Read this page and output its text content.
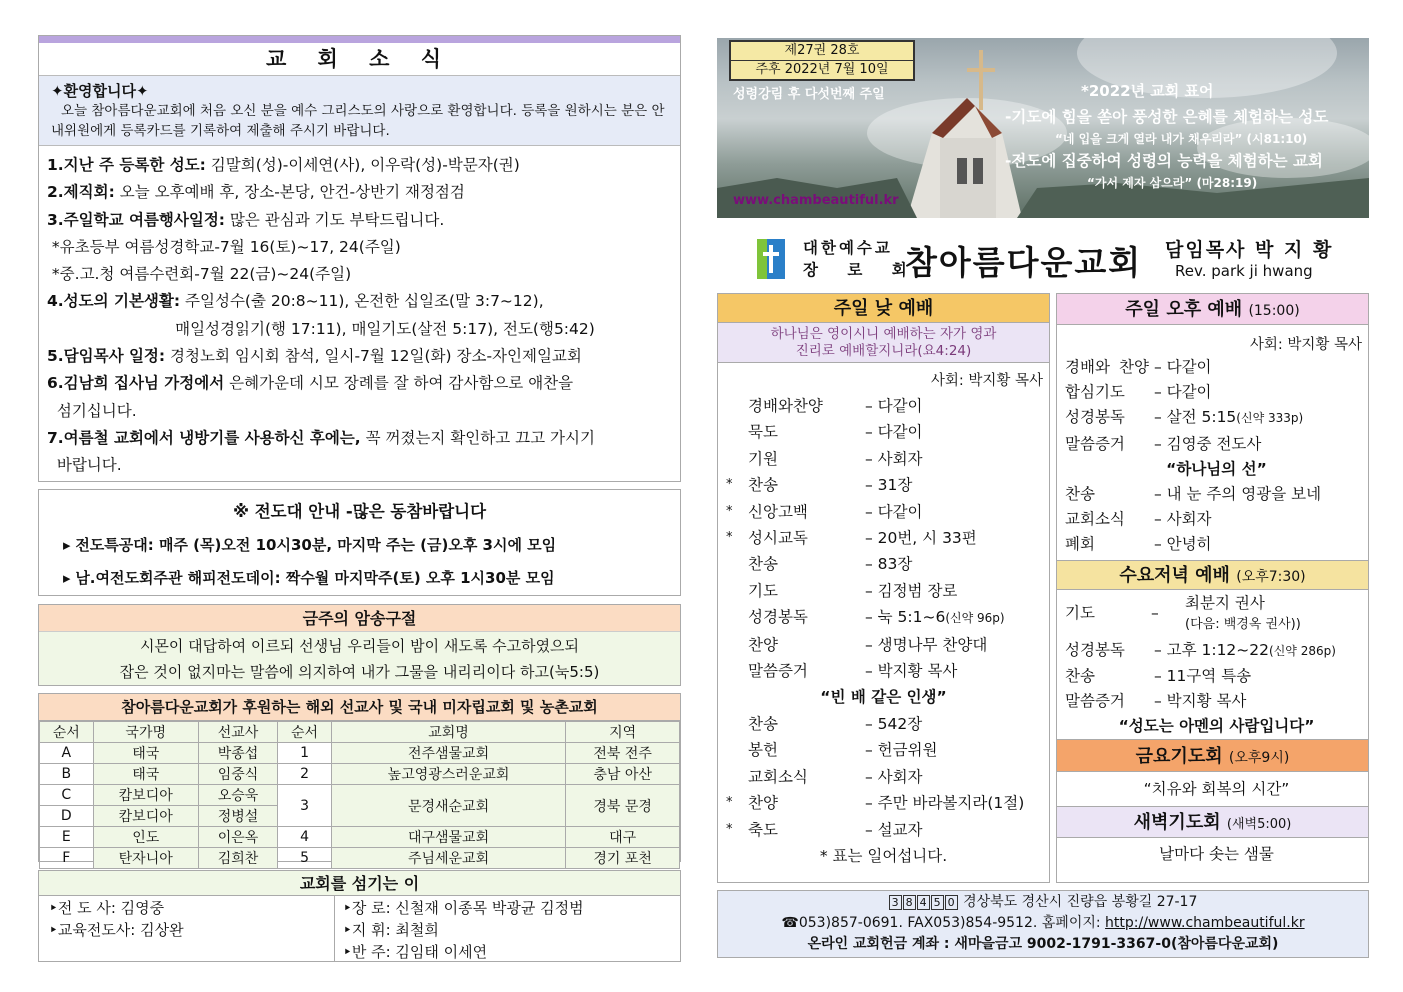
교 회 소 식
✦환영합니다✦
오늘 참아름다운교회에 처음 오신 분을 예수 그리스도의 사랑으로 환영합니다. 등록을 원하시는 분은 안내위원에게 등록카드를 기록하여 제출해 주시기 바랍니다.
1.지난 주 등록한 성도: 김말희(성)-이세연(사), 이우락(성)-박문자(권)
2.제직회: 오늘 오후예배 후, 장소-본당, 안건-상반기 재정점검
3.주일학교 여름행사일정: 많은 관심과 기도 부탁드립니다.
*유초등부 여름성경학교-7월 16(토)~17, 24(주일)
*중.고.청 여름수련회-7월 22(금)~24(주일)
4.성도의 기본생활: 주일성수(출 20:8~11), 온전한 십일조(말 3:7~12),
매일성경읽기(행 17:11), 매일기도(살전 5:17), 전도(행5:42)
5.담임목사 일정: 경청노회 임시회 참석, 일시-7월 12일(화) 장소-자인제일교회
6.김남희 집사님 가정에서 은혜가운데 시모 장례를 잘 하여 감사함으로 애찬을
섬기십니다.
7.여름철 교회에서 냉방기를 사용하신 후에는, 꼭 꺼졌는지 확인하고 끄고 가시기
바랍니다.
※ 전도대 안내 -많은 동참바랍니다
▸ 전도특공대: 매주 (목)오전 10시30분, 마지막 주는 (금)오후 3시에 모임
▸ 남.여전도회주관 해피전도데이: 짝수월 마지막주(토) 오후 1시30분 모임
금주의 암송구절
시몬이 대답하여 이르되 선생님 우리들이 밤이 새도록 수고하였으되
잡은 것이 없지마는 말씀에 의지하여 내가 그물을 내리리이다 하고(눅5:5)
참아름다운교회가 후원하는 해외 선교사 및 국내 미자립교회 및 농촌교회
순서	국가명	선교사	순서	교회명	지역
A	태국	박종섭	1	전주샘물교회	전북 전주
B	태국	임중식	2	높고영광스러운교회	충남 아산
C	캄보디아	오승욱	3	문경새순교회	경북 문경
D	캄보디아	정병설			
E	인도	이은옥	4	대구샘물교회	대구
F	탄자니아	김희찬	5	주님세운교회	경기 포천
교회를 섬기는 이
‣전 도 사: 김영중
‣교육전도사: 김상완
‣장 로: 신철재 이종목 박광균 김정범
‣지 휘: 최철희
‣반 주: 김임태 이세연
제27권 28호
주후 2022년 7월 10일
성령강림 후 다섯번째 주일	*2022년 교회 표어
-기도에 힘을 쏟아 풍성한 은혜를 체험하는 성도
“네 입을 크게 열라 내가 채우리라” (시81:10)
-전도에 집중하여 성령의 능력을 체험하는 교회
“가서 제자 삼으라” (마28:19)
www.chambeautiful.kr
대한예수교
장 로 회
참아름다운교회 담임목사 박 지 황
Rev. park ji hwang
주일 낮 예배
하나님은 영이시니 예배하는 자가 영과
진리로 예배할지니라(요4:24)
사회: 박지황 목사
경배와찬양	– 다같이
묵도	– 다같이
기원	– 사회자
* 찬송	– 31장
* 신앙고백	– 다같이
* 성시교독	– 20번, 시 33편
찬송	– 83장
기도	– 김정범 장로
성경봉독	– 눅 5:1~6(신약 96p)
찬양	– 생명나무 찬양대
말씀증거	– 박지황 목사
“빈 배 같은 인생”
찬송	– 542장
봉헌	– 헌금위원
교회소식	– 사회자
* 찬양	– 주만 바라볼지라(1절)
* 축도	– 설교자
* 표는 일어섭니다.
주일 오후 예배 (15:00)
사회: 박지황 목사
경배와 찬양 – 다같이
합심기도 – 다같이
성경봉독 – 살전 5:15(신약 333p)
말씀증거 – 김영중 전도사
“하나님의 선”
찬송	– 내 눈 주의 영광을 보네
교회소식 – 사회자
폐회	– 안녕히
수요저녁 예배 (오후7:30)
기도	–
최분지 권사
(다음: 백경옥 권사))
성경봉독 – 고후 1:12~22(신약 286p)
찬송	– 11구역 특송
말씀증거 – 박지황 목사
“성도는 아멘의 사람입니다”
금요기도회 (오후9시)
“치유와 회복의 시간”
새벽기도회 (새벽5:00)
날마다 솟는 샘물
3 8 4 5 0 경상북도 경산시 진량읍 봉황길 27-17
☎053)857-0691. FAX053)854-9512. 홈페이지: http://www.chambeautiful.kr
온라인 교회헌금 계좌 : 새마을금고 9002-1791-3367-0(참아름다운교회)
